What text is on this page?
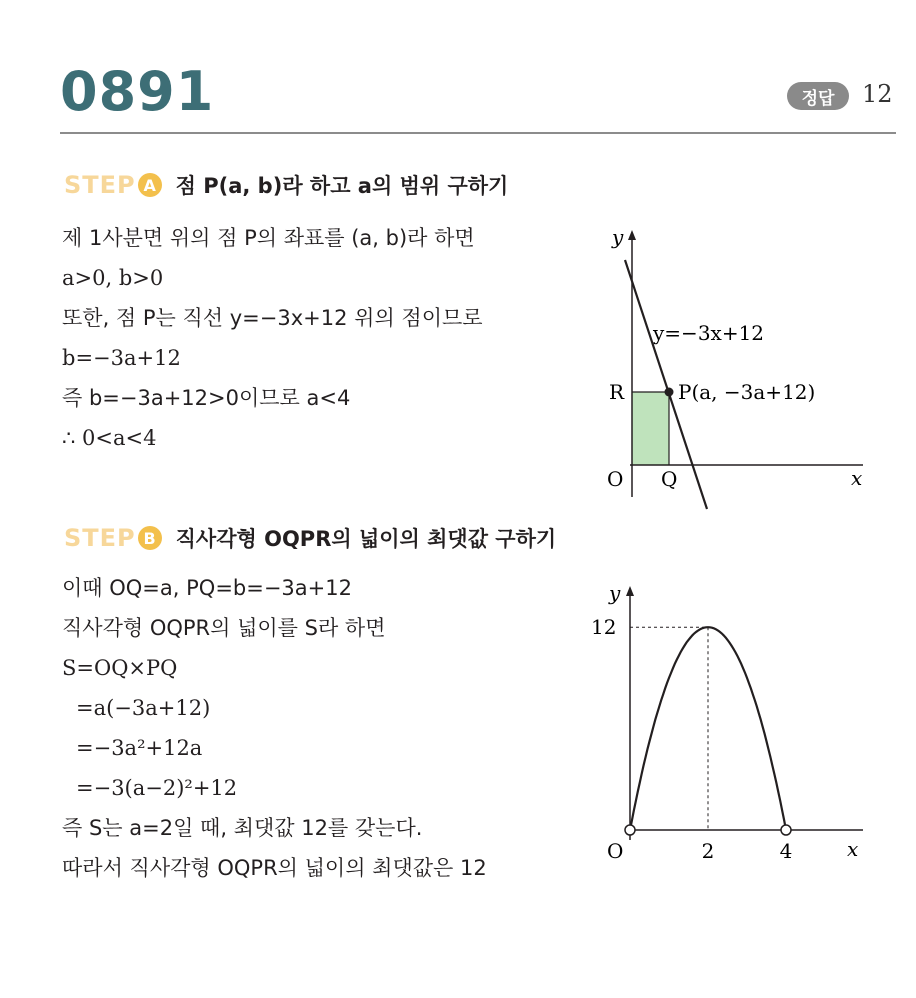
0891	정답	12
STEP A 점 P(a, b)라 하고 a의 범위 구하기
제 1사분면 위의 점 P의 좌표를 (a, b)라 하면
a>0, b>0
또한, 점 P는 직선 y=−3x+12 위의 점이므로
b=−3a+12
즉 b=−3a+12>0이므로 a<4
∴ 0<a<4
y
x
y=−3x+12
P(a, −3a+12)
O Q
R
STEP B 직사각형 OQPR의 넓이의 최댓값 구하기
이때 OQ=a, PQ=b=−3a+12
직사각형 OQPR의 넓이를 S라 하면
S=OQ×PQ
=a(−3a+12)
=−3a²+12a
=−3(a−2)²+12
즉 S는 a=2일 때, 최댓값 12를 갖는다.
따라서 직사각형 OQPR의 넓이의 최댓값은 12
y
x
O	2	4
12
